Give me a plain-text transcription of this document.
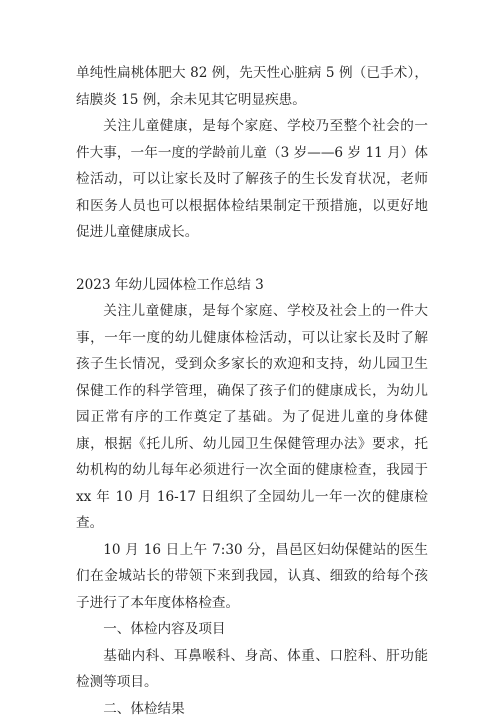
单纯性扁桃体肥大 82 例，先天性心脏病 5 例（已手术），结膜炎 15 例，余未见其它明显疾患。

关注儿童健康，是每个家庭、学校乃至整个社会的一件大事，一年一度的学龄前儿童（3 岁——6 岁 11 月）体检活动，可以让家长及时了解孩子的生长发育状况，老师和医务人员也可以根据体检结果制定干预措施，以更好地促进儿童健康成长。

2023 年幼儿园体检工作总结 3

关注儿童健康，是每个家庭、学校及社会上的一件大事，一年一度的幼儿健康体检活动，可以让家长及时了解孩子生长情况，受到众多家长的欢迎和支持，幼儿园卫生保健工作的科学管理，确保了孩子们的健康成长，为幼儿园正常有序的工作奠定了基础。为了促进儿童的身体健康，根据《托儿所、幼儿园卫生保健管理办法》要求，托幼机构的幼儿每年必须进行一次全面的健康检查，我园于 xx 年 10 月 16-17 日组织了全园幼儿一年一次的健康检查。

10 月 16 日上午 7:30 分，昌邑区妇幼保健站的医生们在金城站长的带领下来到我园，认真、细致的给每个孩子进行了本年度体格检查。

一、体检内容及项目

基础内科、耳鼻喉科、身高、体重、口腔科、肝功能检测等项目。

二、体检结果
